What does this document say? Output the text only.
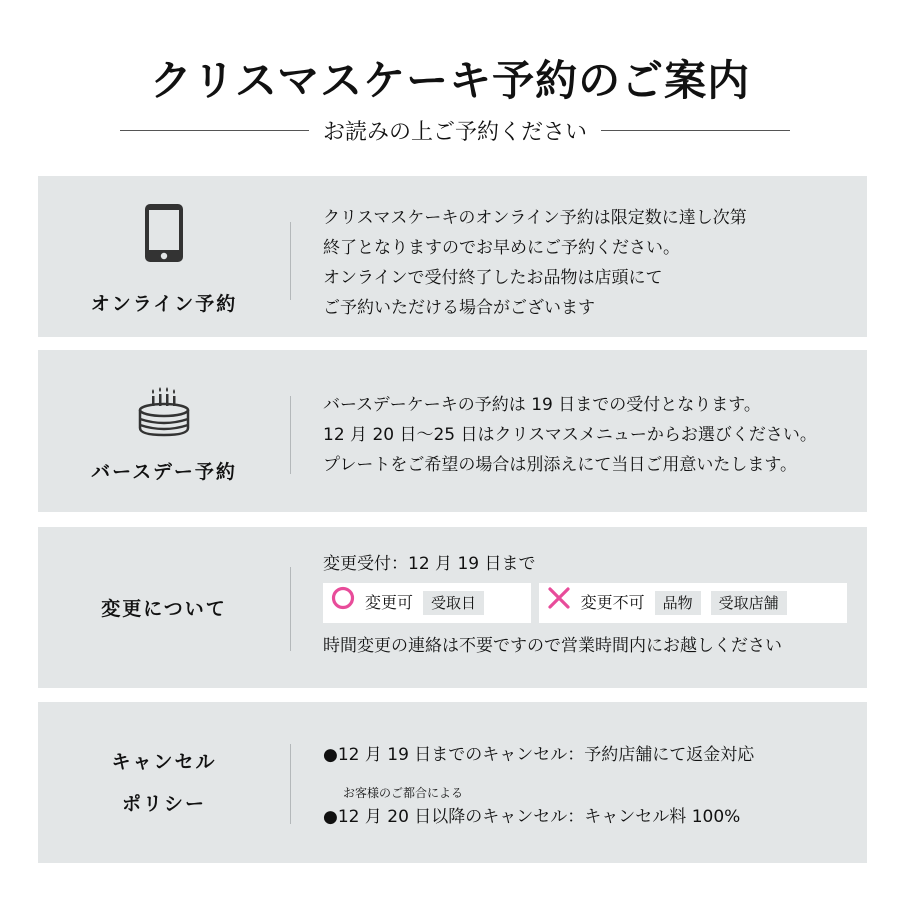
クリスマスケーキ予約のご案内
お読みの上ご予約ください
オンライン予約

クリスマスケーキのオンライン予約は限定数に達し次第

終了となりますのでお早めにご予約ください。

オンラインで受付終了したお品物は店頭にて

ご予約いただける場合がございます

バースデー予約

バースデーケーキの予約は 19 日までの受付となります。

12 月 20 日〜25 日はクリスマスメニューからお選びください。

プレートをご希望の場合は別添えにて当日ご用意いたします。

変更について

変更受付：12 月 19 日まで

変更可	受取日	変更不可	品物	受取店舗

時間変更の連絡は不要ですので営業時間内にお越しください

キャンセル
ポリシー

●12 月 19 日までのキャンセル：予約店舗にて返金対応

お客様のご都合による

●12 月 20 日以降のキャンセル：キャンセル料 100%
